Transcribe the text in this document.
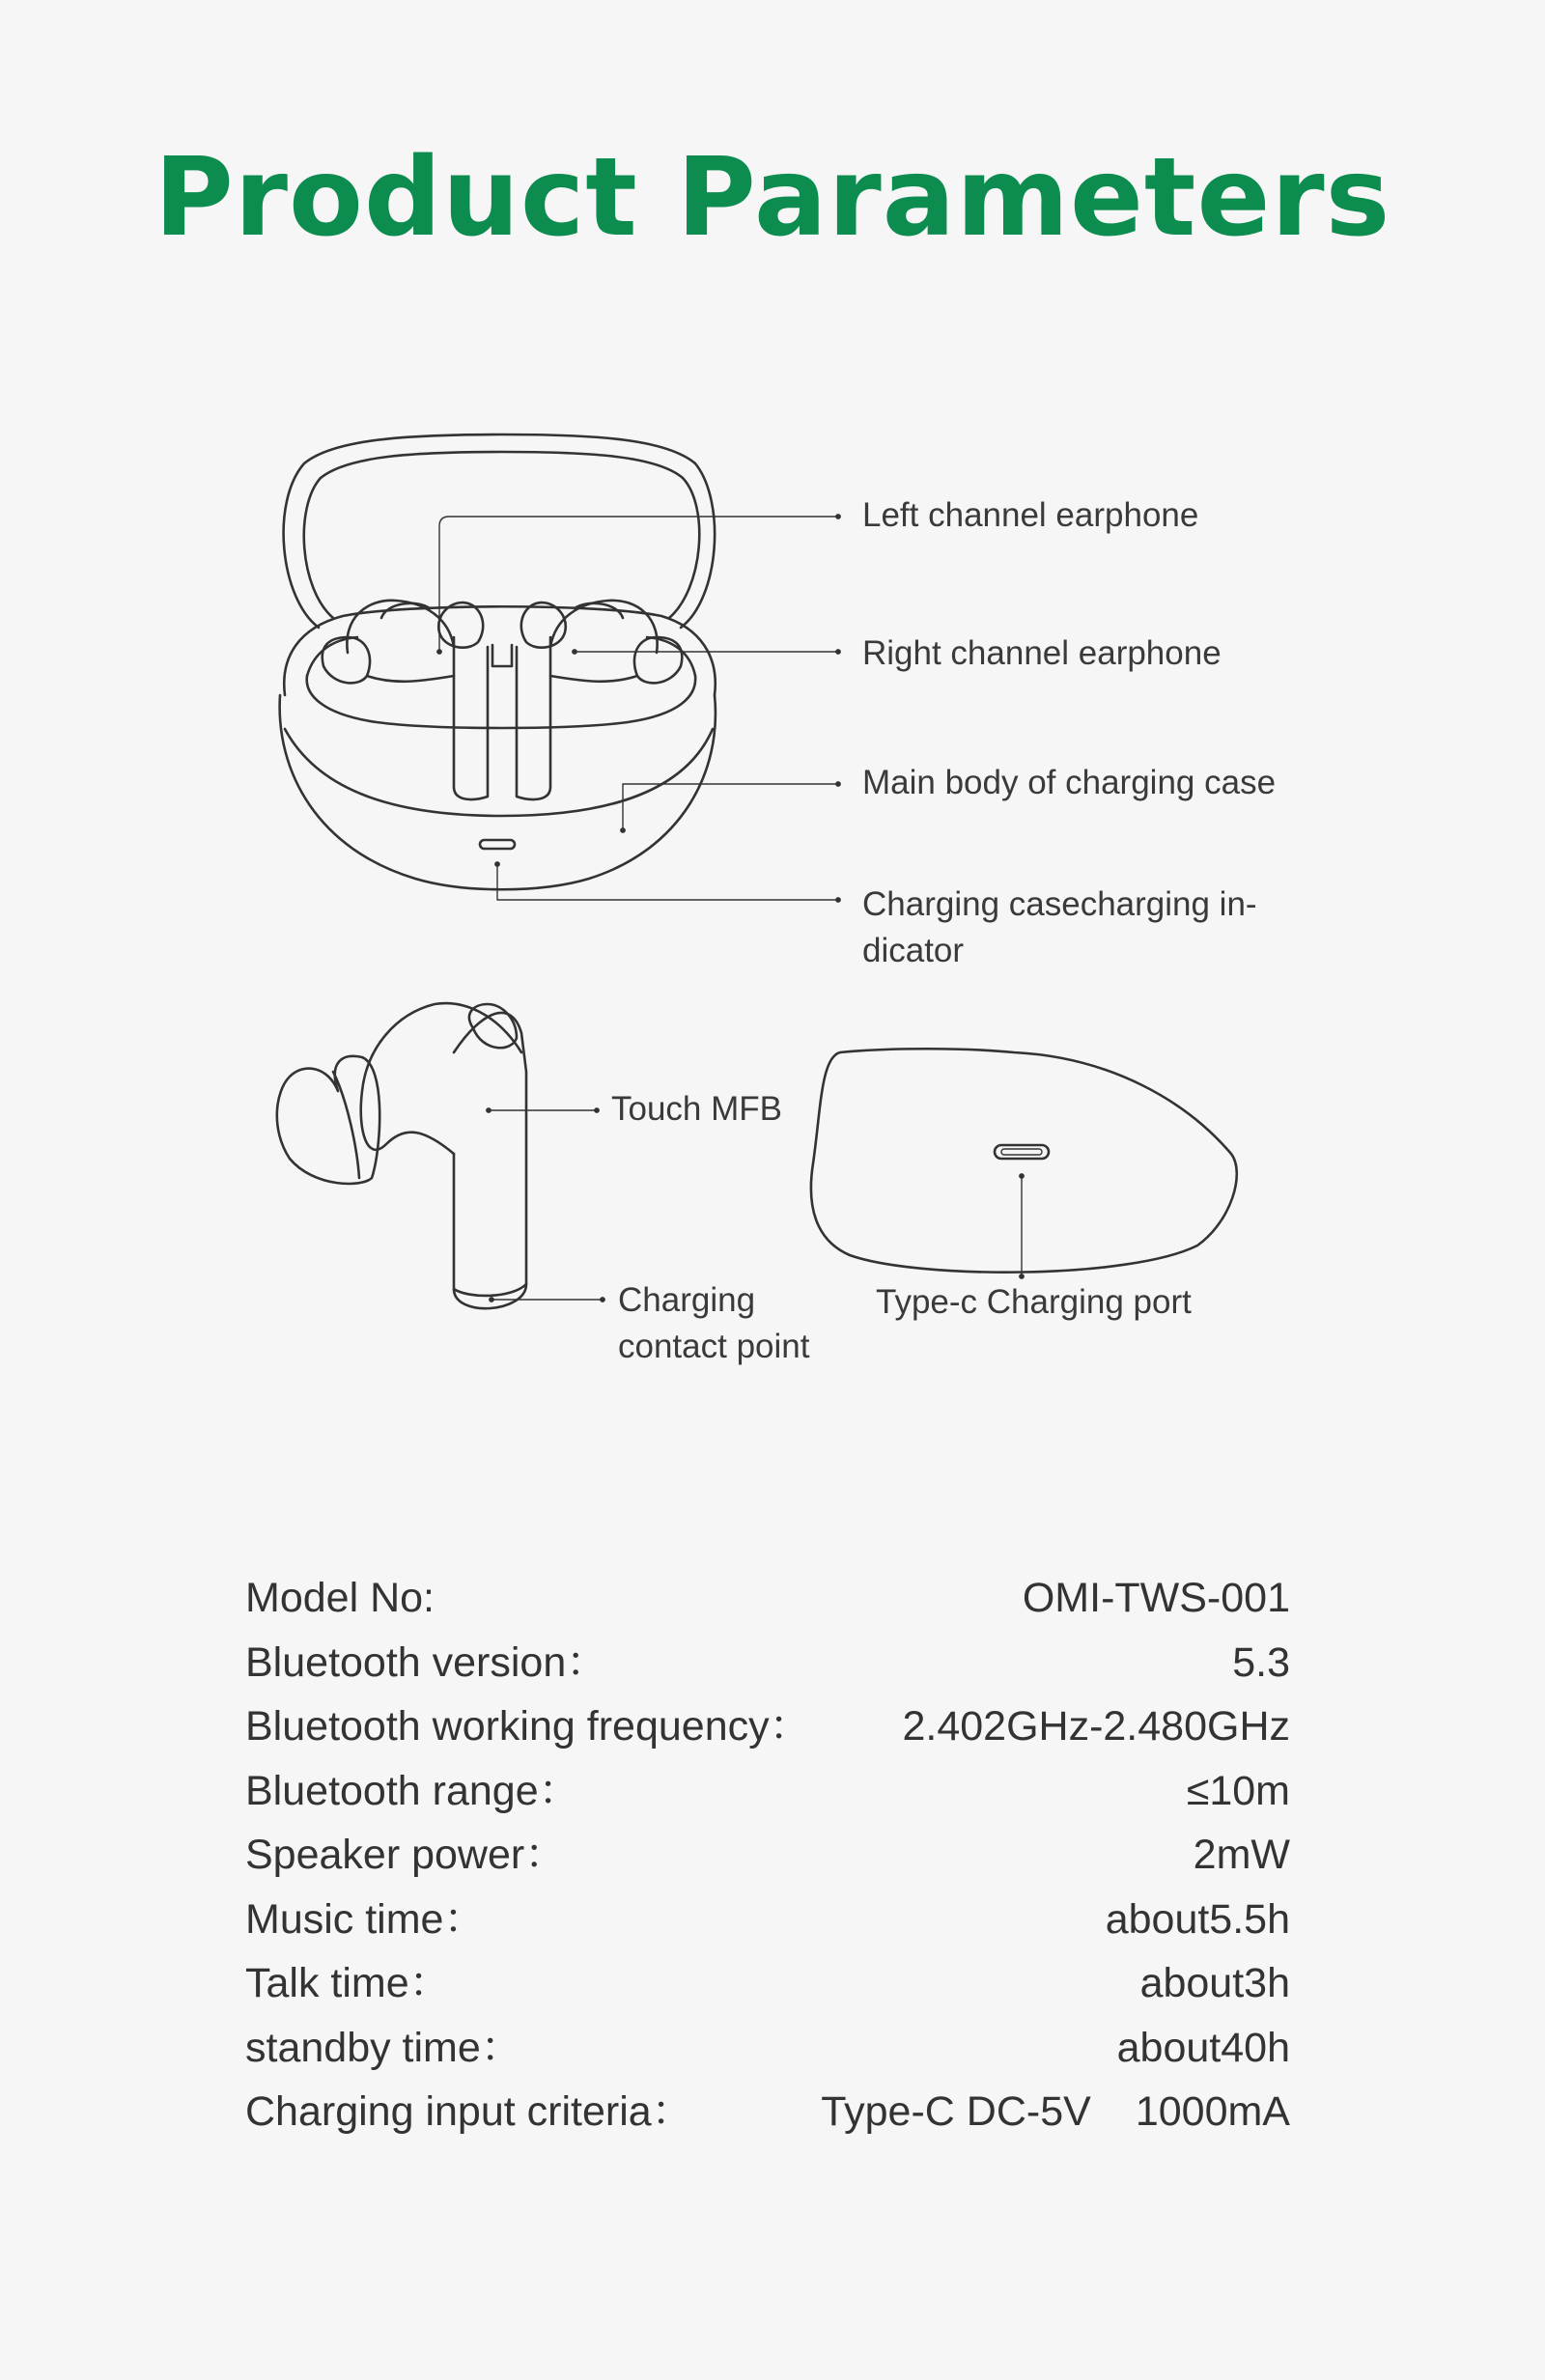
Product Parameters
Left channel earphone
Right channel earphone
Main body of charging case
Charging casecharging in-
dicator
Touch MFB
Charging
contact point
Type-c Charging port
Model No:	OMI-TWS-001
Bluetooth version：	5.3
Bluetooth working frequency： 2.402GHz-2.480GHz
Bluetooth range：	≤10m
Speaker power：	2mW
Music time：	about5.5h
Talk time：	about3h
standby time：	about40h
Charging input criteria：	Type-C DC-5V 1000mA
